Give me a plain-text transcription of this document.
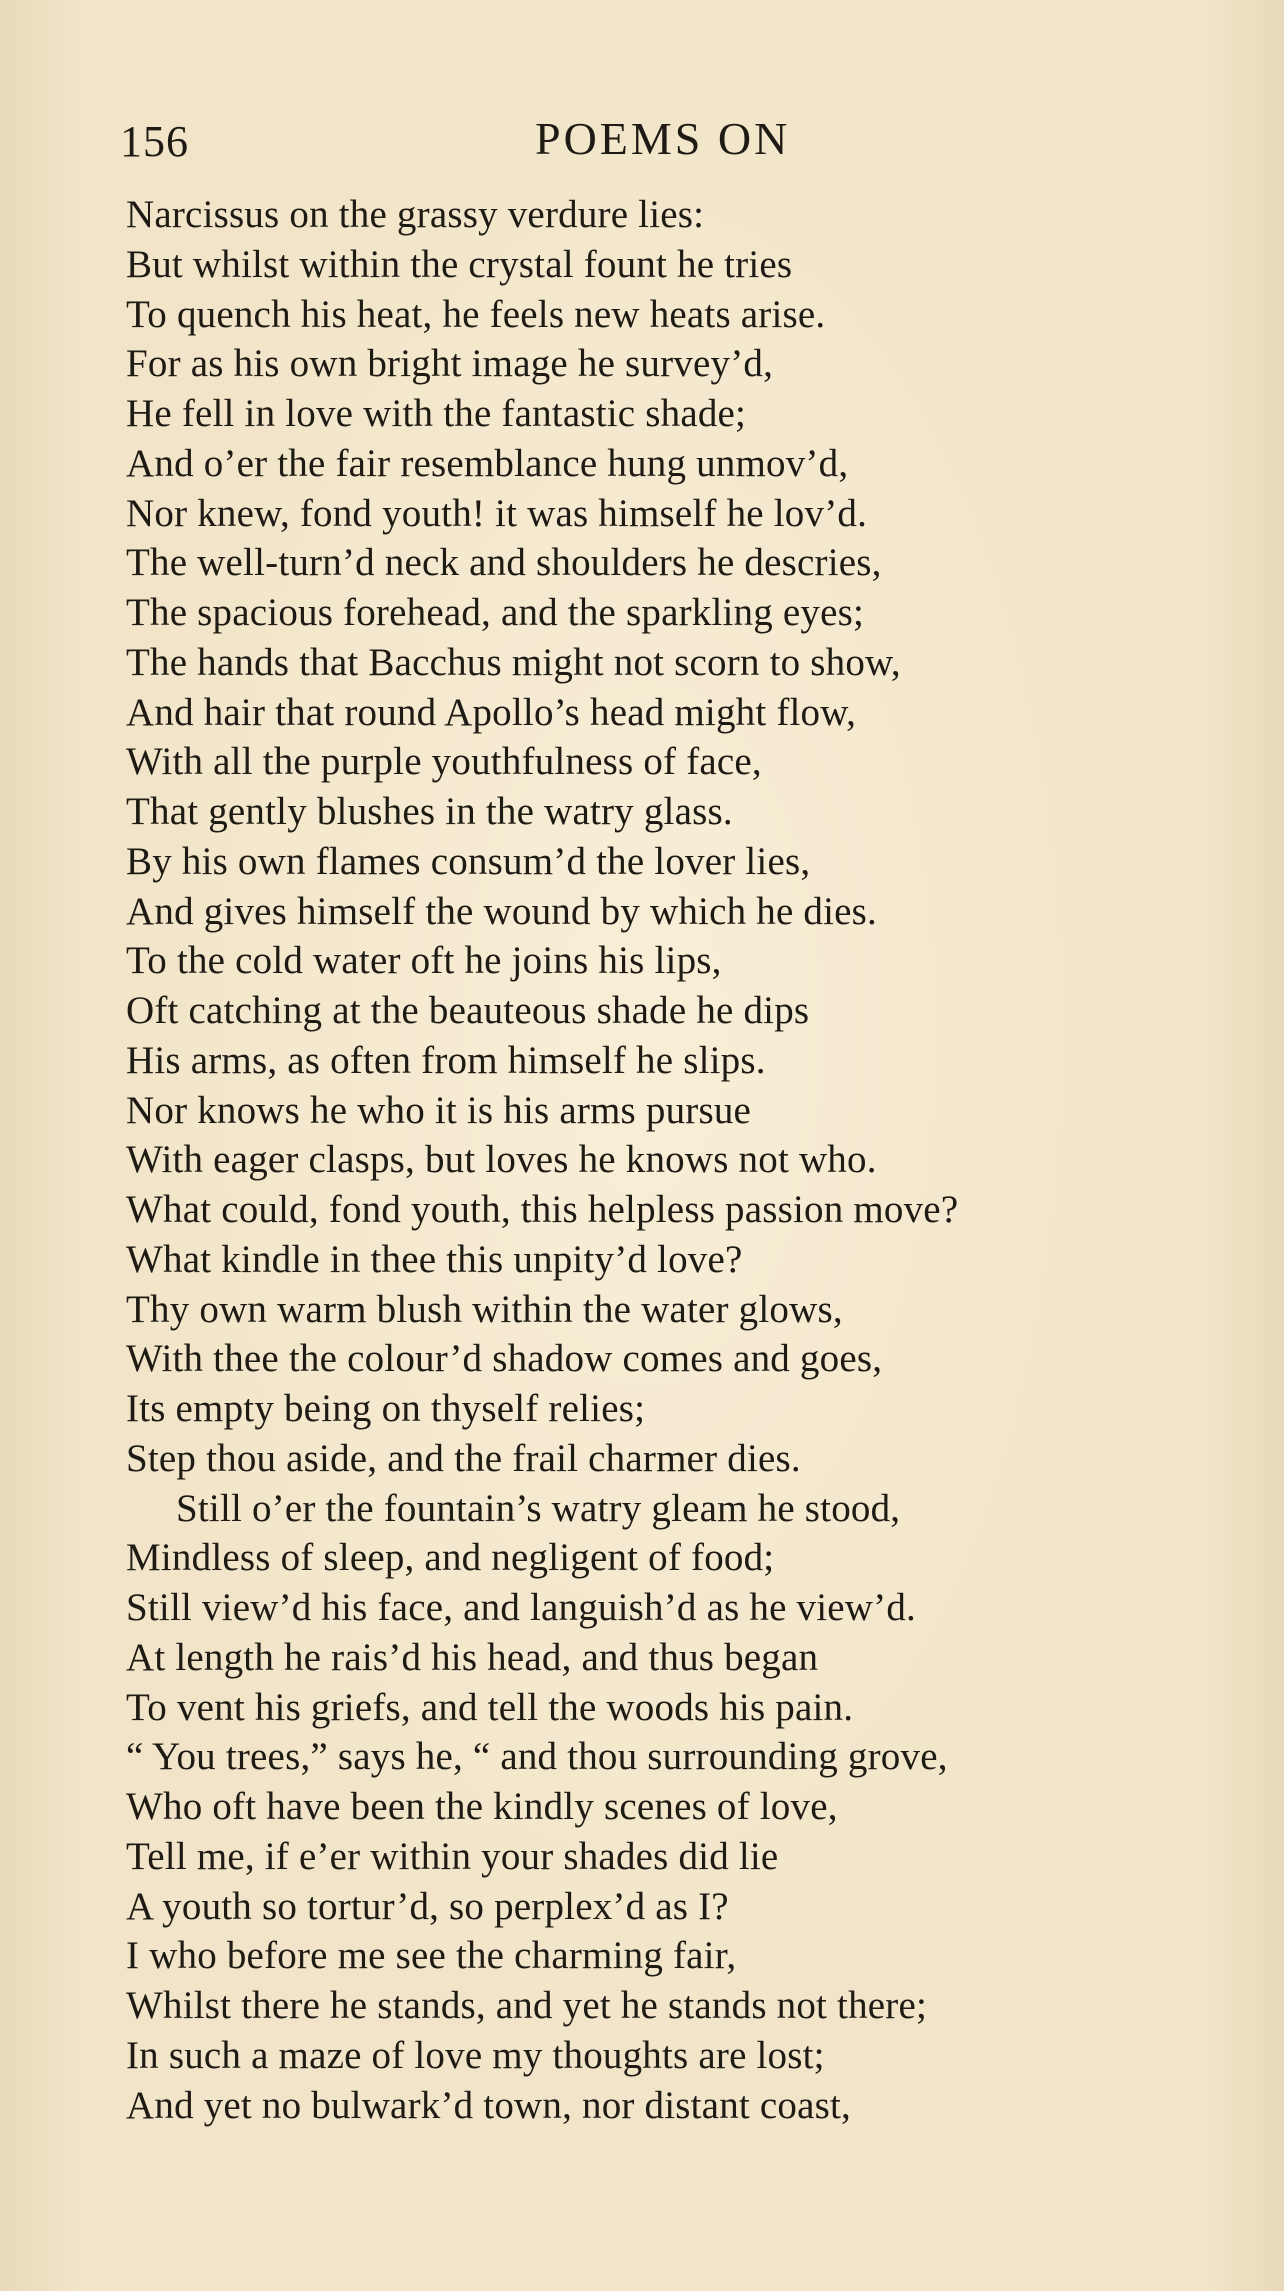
156	POEMS ON
Narcissus on the grassy verdure lies:
But whilst within the crystal fount he tries
To quench his heat, he feels new heats arise.
For as his own bright image he survey’d,
He fell in love with the fantastic shade;
And o’er the fair resemblance hung unmov’d,
Nor knew, fond youth! it was himself he lov’d.
The well-turn’d neck and shoulders he descries,
The spacious forehead, and the sparkling eyes;
The hands that Bacchus might not scorn to show,
And hair that round Apollo’s head might flow,
With all the purple youthfulness of face,
That gently blushes in the watry glass.
By his own flames consum’d the lover lies,
And gives himself the wound by which he dies.
To the cold water oft he joins his lips,
Oft catching at the beauteous shade he dips
His arms, as often from himself he slips.
Nor knows he who it is his arms pursue
With eager clasps, but loves he knows not who.
What could, fond youth, this helpless passion move?
What kindle in thee this unpity’d love?
Thy own warm blush within the water glows,
With thee the colour’d shadow comes and goes,
Its empty being on thyself relies;
Step thou aside, and the frail charmer dies.
Still o’er the fountain’s watry gleam he stood,
Mindless of sleep, and negligent of food;
Still view’d his face, and languish’d as he view’d.
At length he rais’d his head, and thus began
To vent his griefs, and tell the woods his pain.
“ You trees,” says he, “ and thou surrounding grove,
Who oft have been the kindly scenes of love,
Tell me, if e’er within your shades did lie
A youth so tortur’d, so perplex’d as I?
I who before me see the charming fair,
Whilst there he stands, and yet he stands not there;
In such a maze of love my thoughts are lost;
And yet no bulwark’d town, nor distant coast,
